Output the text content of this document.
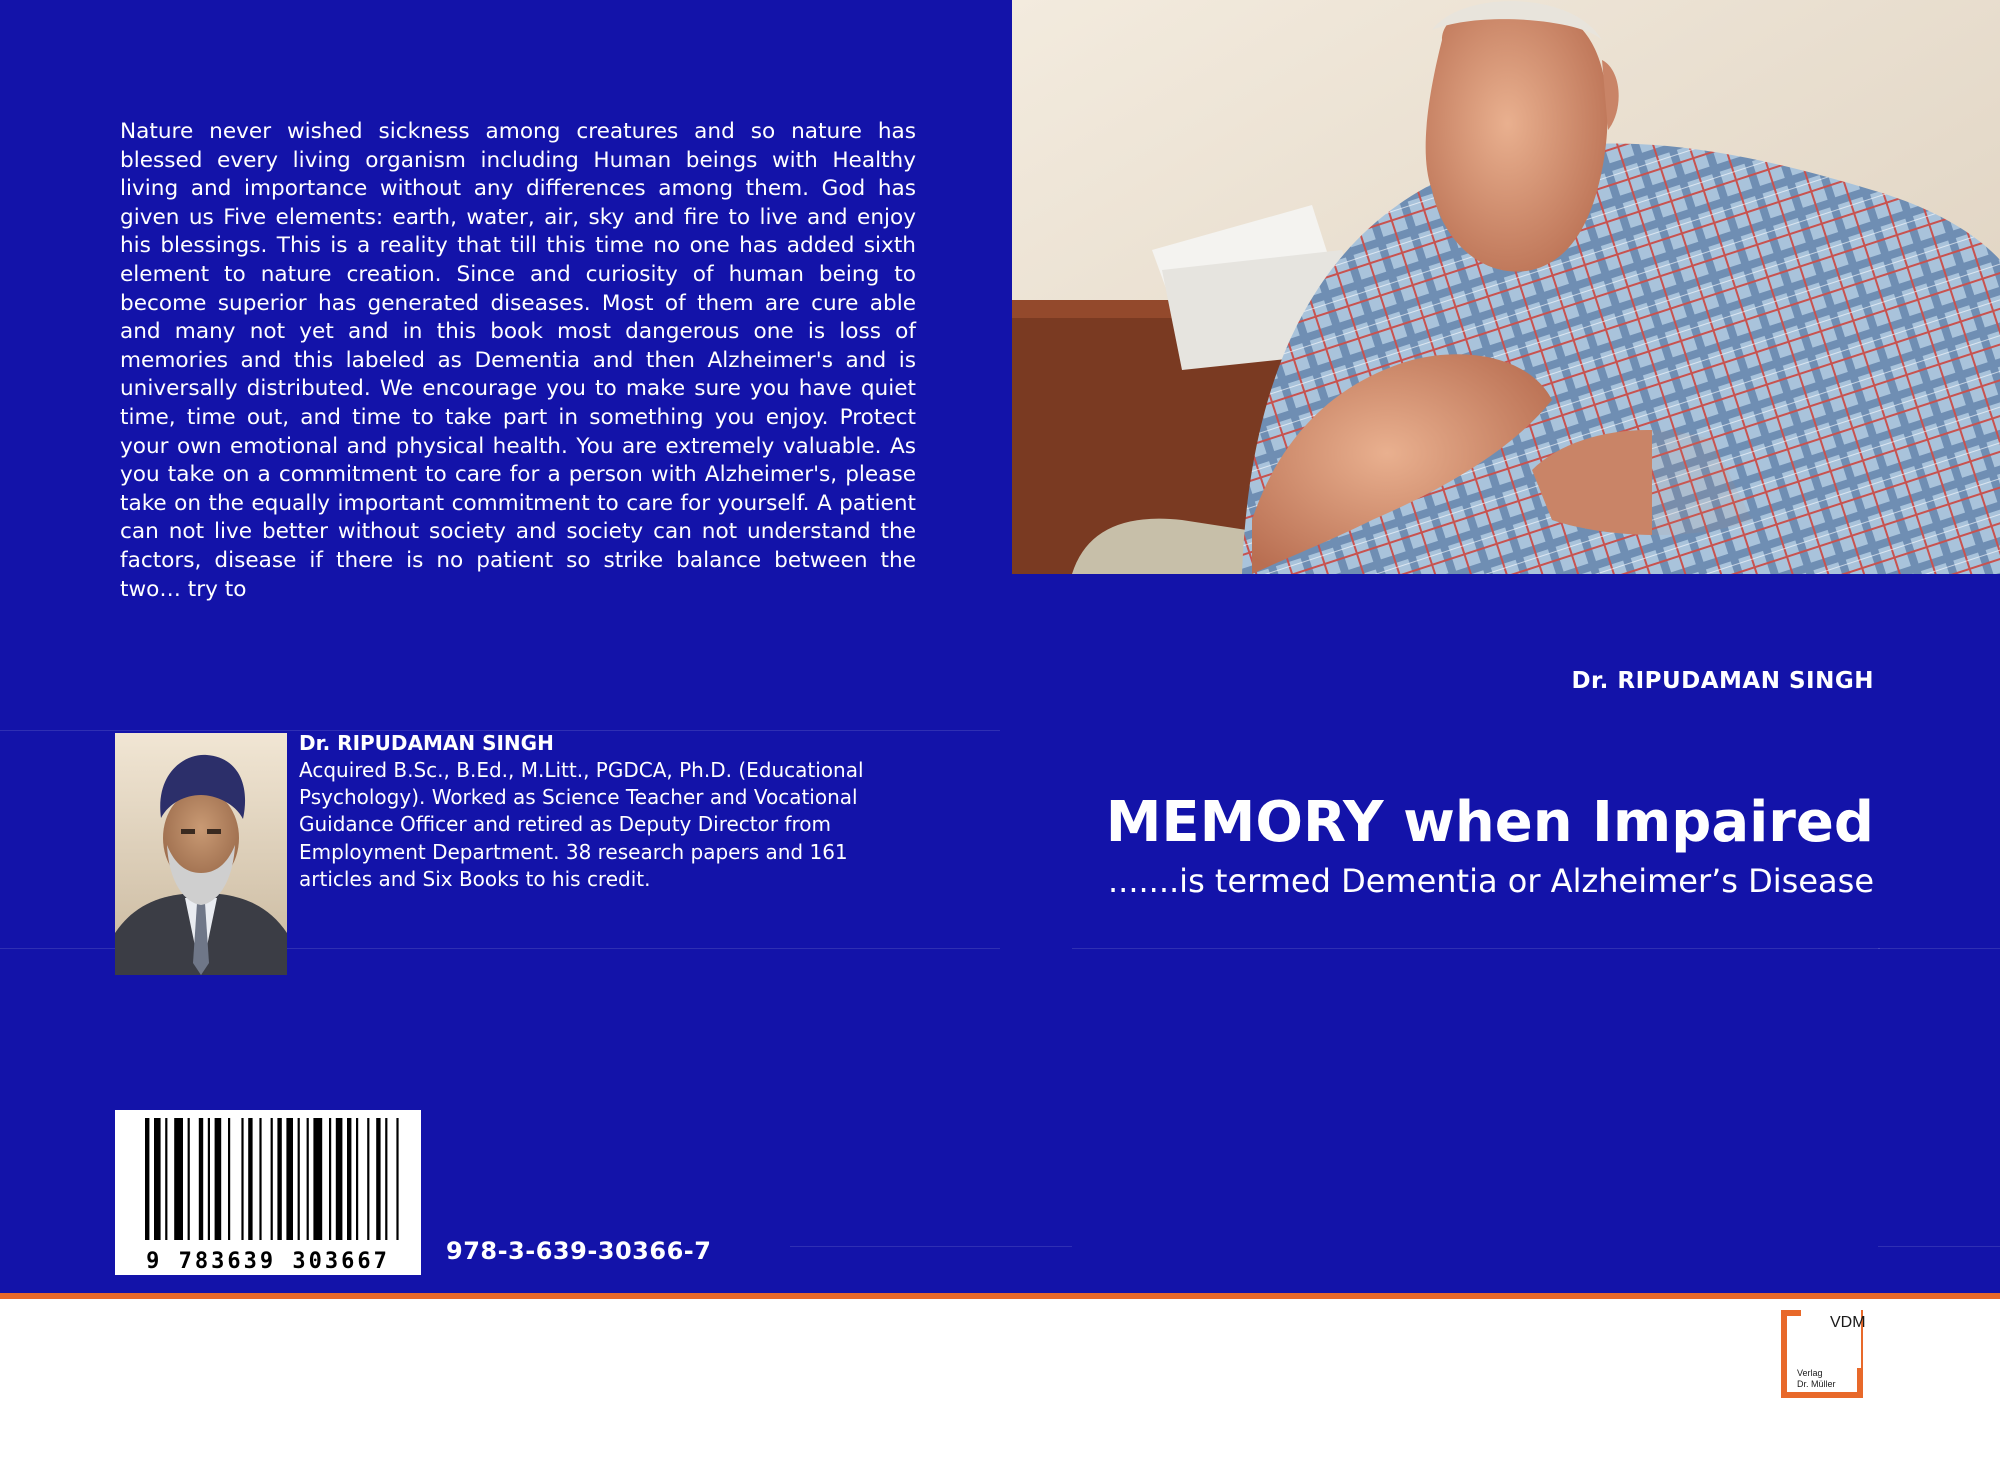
Nature never wished sickness among creatures and so nature has blessed every living organism including Human beings with Healthy living and importance without any differences among them. God has given us Five elements: earth, water, air, sky and fire to live and enjoy his blessings. This is a reality that till this time no one has added sixth element to nature creation. Since and curiosity of human being to become superior has generated diseases. Most of them are cure able and many not yet and in this book most dangerous one is loss of memories and this labeled as Dementia and then Alzheimer's and is universally distributed. We encourage you to make sure you have quiet time, time out, and time to take part in something you enjoy. Protect your own emotional and physical health. You are extremely valuable. As you take on a commitment to care for a person with Alzheimer's, please take on the equally important commitment to care for yourself. A patient can not live better without society and society can not understand the factors, disease if there is no patient so strike balance between the two… try to

Dr. RIPUDAMAN SINGH
MEMORY when Impaired
.......is termed Dementia or Alzheimer’s Disease
Dr. RIPUDAMAN SINGH

Acquired B.Sc., B.Ed., M.Litt., PGDCA, Ph.D. (Educational Psychology). Worked as Science Teacher and Vocational Guidance Officer and retired as Deputy Director from Employment Department. 38 research papers and 161 articles and Six Books to his credit.

9 783639 303667 978-3-639-30366-7
VDM
Verlag
Dr. Müller
